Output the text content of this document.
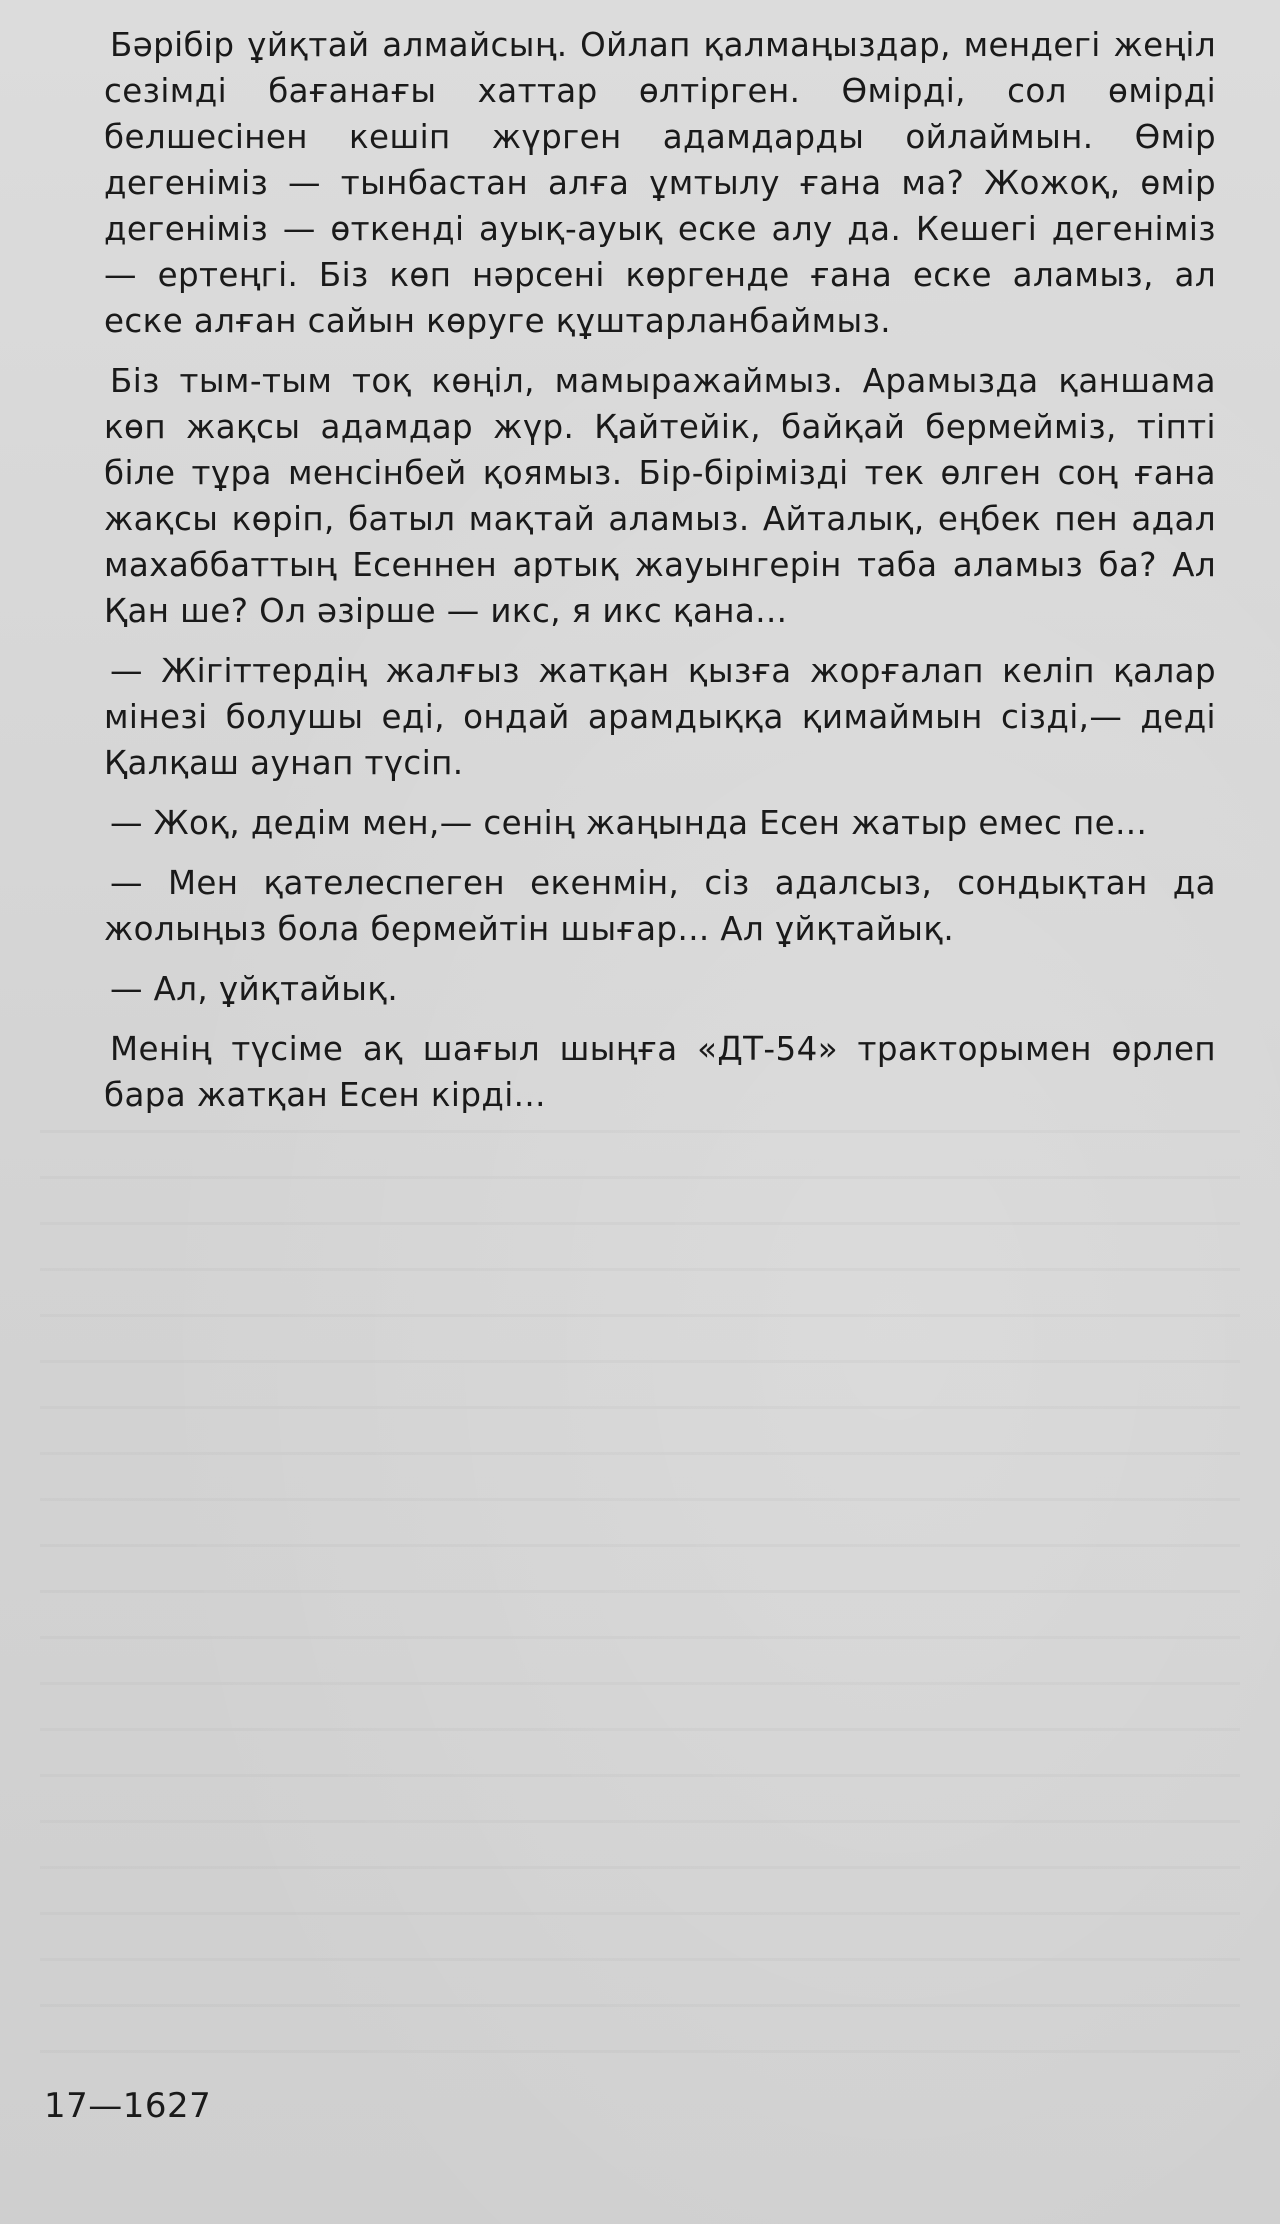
Бәрібір ұйқтай алмайсың. Ойлап қалмаңыздар, мендегі жеңіл сезімді бағанағы хаттар өлтірген. Өмірді, сол өмірді белшесінен кешіп жүрген адамдарды ойлаймын. Өмір дегеніміз — тынбастан алға ұмтылу ғана ма? Жожоқ, өмір дегеніміз — өткенді ауық-ауық еске алу да. Кешегі дегеніміз — ертеңгі. Біз көп нәрсені көргенде ғана еске аламыз, ал еске алған сайын көруге құштарланбаймыз.

Біз тым-тым тоқ көңіл, мамыражаймыз. Арамызда қаншама көп жақсы адамдар жүр. Қайтейік, байқай бермейміз, тіпті біле тұра менсінбей қоямыз. Бір-бірімізді тек өлген соң ғана жақсы көріп, батыл мақтай аламыз. Айталық, еңбек пен адал махаббаттың Есеннен артық жауынгерін таба аламыз ба? Ал Қан ше? Ол әзірше — икс, я икс қана...

— Жігіттердің жалғыз жатқан қызға жорғалап келіп қалар мінезі болушы еді, ондай арамдыққа қимаймын сізді,— деді Қалқаш аунап түсіп.

— Жоқ, дедім мен,— сенің жаңында Есен жатыр емес пе...

— Мен қателеспеген екенмін, сіз адалсыз, сондықтан да жолыңыз бола бермейтін шығар... Ал ұйқтайық.

— Ал, ұйқтайық.

Менің түсіме ақ шағыл шыңға «ДТ-54» тракторымен өрлеп бара жатқан Есен кірді...

17—1627
